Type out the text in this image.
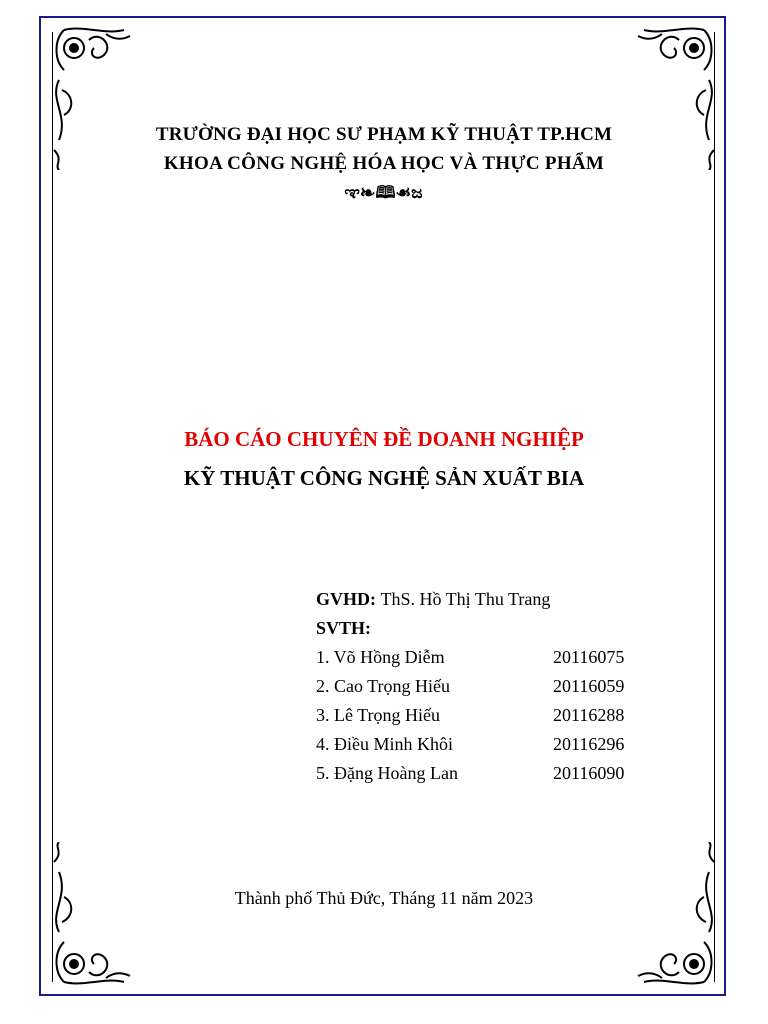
TRƯỜNG ĐẠI HỌC SƯ PHẠM KỸ THUẬT TP.HCM
KHOA CÔNG NGHỆ HÓA HỌC VÀ THỰC PHẨM
ಞ❧🕮☙ಜ
BÁO CÁO CHUYÊN ĐỀ DOANH NGHIỆP
KỸ THUẬT CÔNG NGHỆ SẢN XUẤT BIA
GVHD:
ThS. Hồ Thị Thu Trang
SVTH:
1. Võ Hồng Diễm	20116075
2. Cao Trọng Hiếu	20116059
3. Lê Trọng Hiếu	20116288
4. Điều Minh Khôi	20116296
5. Đặng Hoàng Lan	20116090
Thành phố Thủ Đức, Tháng 11 năm 2023
